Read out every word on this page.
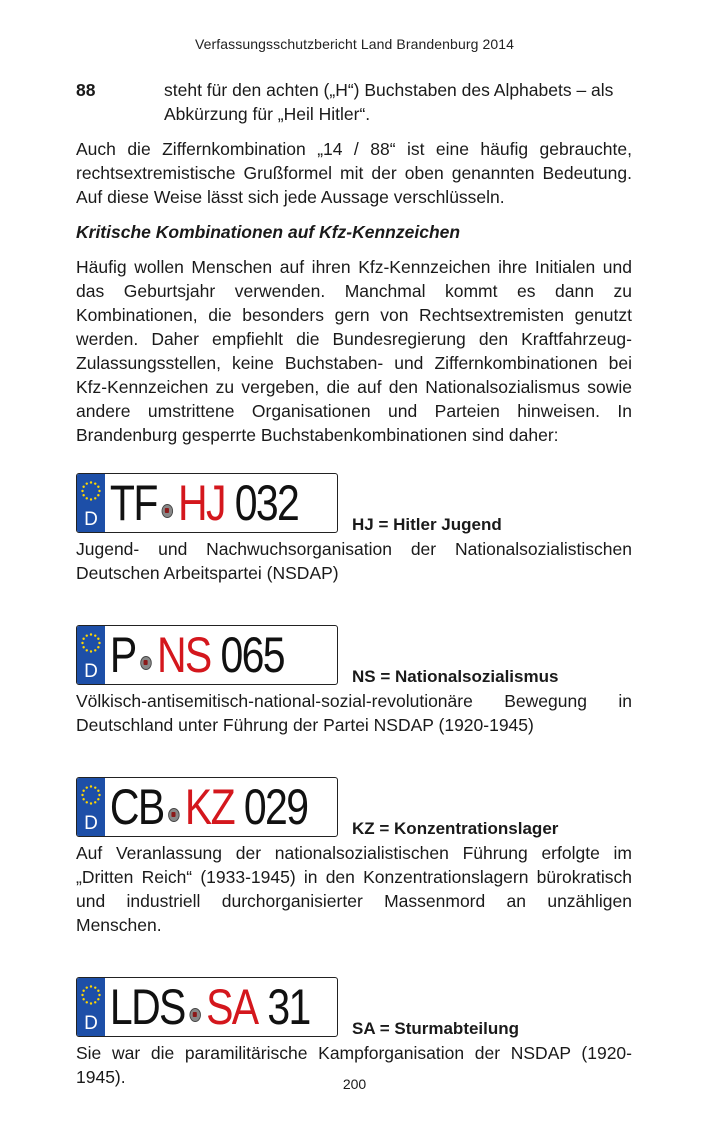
Verfassungsschutzbericht Land Brandenburg 2014
88	steht für den achten („H“) Buchstaben des Alphabets – als Abkürzung für „Heil Hitler“.

Auch die Ziffernkombination „14 / 88“ ist eine häufig gebrauchte, rechtsextremistische Grußformel mit der oben genannten Bedeutung. Auf diese Weise lässt sich jede Aussage verschlüsseln.

Kritische Kombinationen auf Kfz-Kennzeichen

Häufig wollen Menschen auf ihren Kfz-Kennzeichen ihre Initialen und das Geburtsjahr verwenden. Manchmal kommt es dann zu Kombinationen, die besonders gern von Rechtsextremisten genutzt werden. Daher empfiehlt die Bundesregierung den Kraftfahrzeug-Zulassungsstellen, keine Buchstaben- und Ziffernkombinationen bei Kfz-Kennzeichen zu vergeben, die auf den Nationalsozialismus sowie andere umstrittene Organisationen und Parteien hinweisen. In Brandenburg gesperrte Buchstabenkombinationen sind daher:

D TF HJ 032	HJ = Hitler Jugend

Jugend- und Nachwuchsorganisation der Nationalsozialistischen Deutschen Arbeitspartei (NSDAP)

D P NS 065	NS = Nationalsozialismus

Völkisch-antisemitisch-national-sozial-revolutionäre Bewegung in Deutschland unter Führung der Partei NSDAP (1920-1945)

D CB KZ 029	KZ = Konzentrationslager

Auf Veranlassung der nationalsozialistischen Führung erfolgte im „Dritten Reich“ (1933-1945) in den Konzentrationslagern bürokratisch und industriell durchorganisierter Massenmord an unzähligen Menschen.

D LDS SA 31 SA = Sturmabteilung

Sie war die paramilitärische Kampforganisation der NSDAP (1920-1945).	200
